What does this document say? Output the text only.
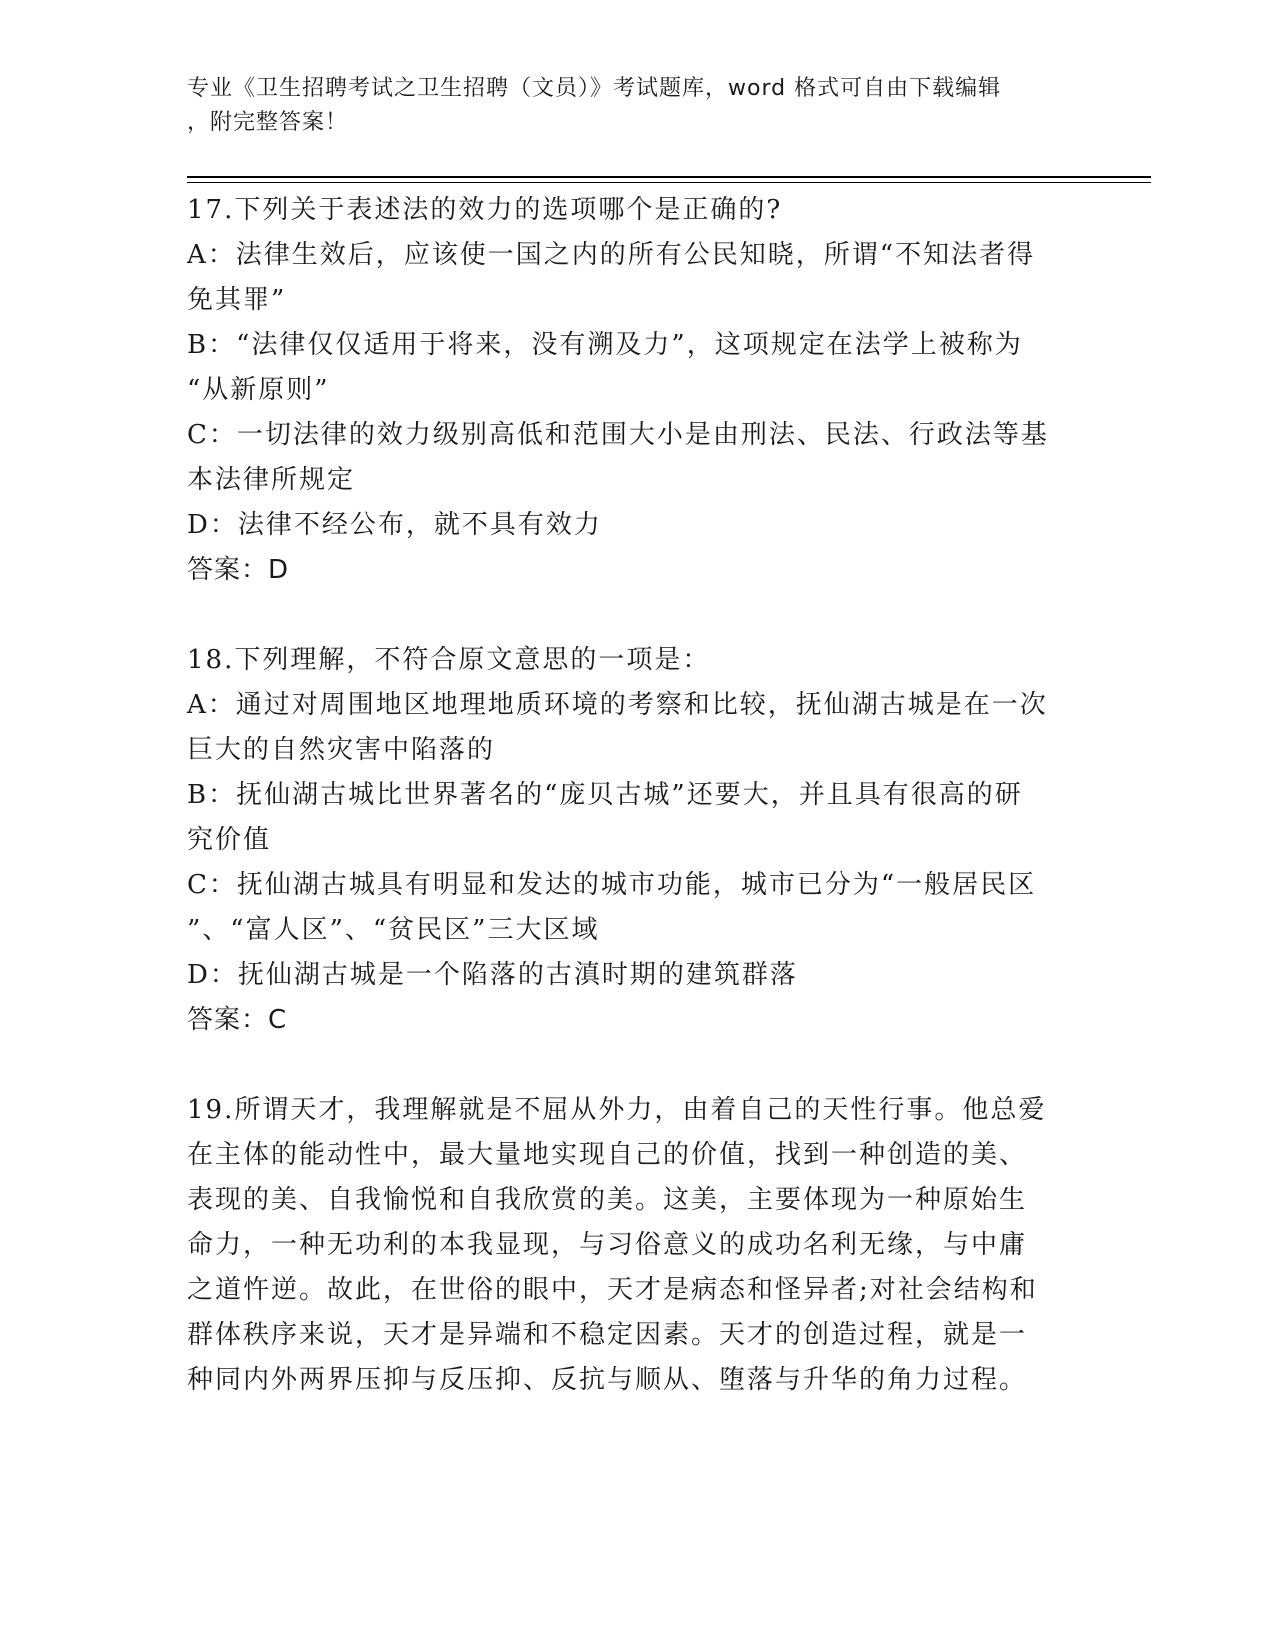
专业《卫生招聘考试之卫生招聘（文员）》考试题库，word 格式可自由下载编辑
，附完整答案！
17.下列关于表述法的效力的选项哪个是正确的?
A：法律生效后，应该使一国之内的所有公民知晓，所谓“不知法者得
免其罪”
B：“法律仅仅适用于将来，没有溯及力”，这项规定在法学上被称为
“从新原则”
C：一切法律的效力级别高低和范围大小是由刑法、民法、行政法等基
本法律所规定
D：法律不经公布，就不具有效力
答案：D
18.下列理解，不符合原文意思的一项是：
A：通过对周围地区地理地质环境的考察和比较，抚仙湖古城是在一次
巨大的自然灾害中陷落的
B：抚仙湖古城比世界著名的“庞贝古城”还要大，并且具有很高的研
究价值
C：抚仙湖古城具有明显和发达的城市功能，城市已分为“一般居民区
”、“富人区”、“贫民区”三大区域
D：抚仙湖古城是一个陷落的古滇时期的建筑群落
答案：C
19.所谓天才，我理解就是不屈从外力，由着自己的天性行事。他总爱
在主体的能动性中，最大量地实现自己的价值，找到一种创造的美、
表现的美、自我愉悦和自我欣赏的美。这美，主要体现为一种原始生
命力，一种无功利的本我显现，与习俗意义的成功名利无缘，与中庸
之道忤逆。故此，在世俗的眼中，天才是病态和怪异者;对社会结构和
群体秩序来说，天才是异端和不稳定因素。天才的创造过程，就是一
种同内外两界压抑与反压抑、反抗与顺从、堕落与升华的角力过程。
